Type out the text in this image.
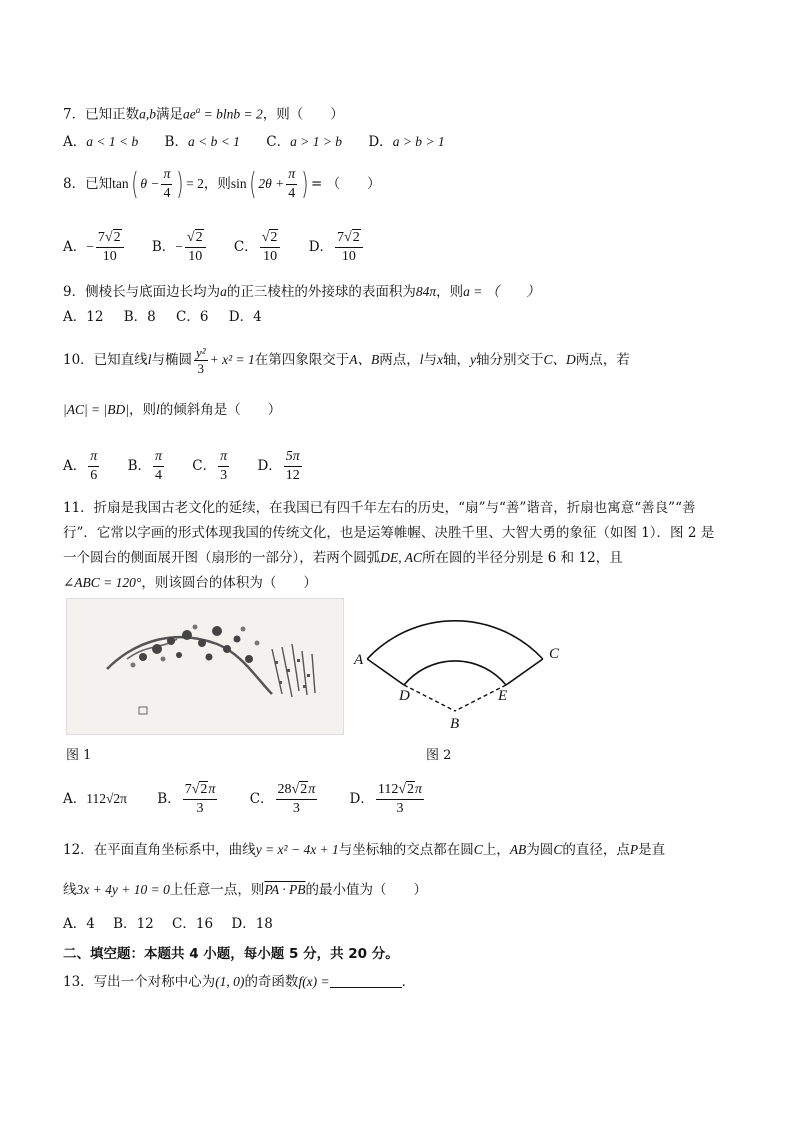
7．已知正数a,b满足$ae^a = blnb = 2$，则（　　）
A．a < 1 < b B．a < b < 1 C．a > 1 > b D．a > b > 1
8．已知tan( $\theta - \frac{\pi}{4}$ ) = 2，则sin( $2\theta + \frac{\pi}{4}$ ) = （　　）
A．− $\frac{7√2}{10}$ B．− $\frac{√2}{10}$ C． $\frac{√2}{10}$ D． $\frac{7√2}{10}$
9．侧棱长与底面边长均为a的正三棱柱的外接球的表面积为84π，则a = （　　）
A．12 B．8 C．6 D．4
10．已知直线l与椭圆 $\frac{\text{y²}}{3} + x^2 = 1$在第四象限交于A、B两点，l与x轴，y轴分别交于C、D两点，若
|AC| = |BD|，则l的倾斜角是（　　）
A． $\frac{\pi}{6}$ B． $\frac{\pi}{4}$ C． $\frac{\pi}{3}$ D． $\frac{5\pi}{12}$
11．折扇是我国古老文化的延续，在我国已有四千年左右的历史，“扇”与“善”谐音，折扇也寓意“善良”“善
行”．它常以字画的形式体现我国的传统文化，也是运筹帷幄、决胜千里、大智大勇的象征（如图 1）．图 2 是
一个圆台的侧面展开图（扇形的一部分），若两个圆弧DE, AC所在圆的半径分别是 6 和 12，且
∠ABC = 120°，则该圆台的体积为（　　）
A	C
D	E
B
图 1	图 2
A．112√2π B． $\frac{7√2\pi}{3}$ C． $\frac{28√2\pi}{3}$ D． $\frac{112√2\pi}{3}$
12．在平面直角坐标系中，曲线y = x² − 4x + 1与坐标轴的交点都在圆C上，AB为圆C的直径，点P是直
线3x + 4y + 10 = 0上任意一点，则PA · PB的最小值为（　　）
A．4 B．12 C．16 D．18
二、填空题：本题共 4 小题，每小题 5 分，共 20 分。
13．写出一个对称中心为(1, 0)的奇函数f(x) =	．
